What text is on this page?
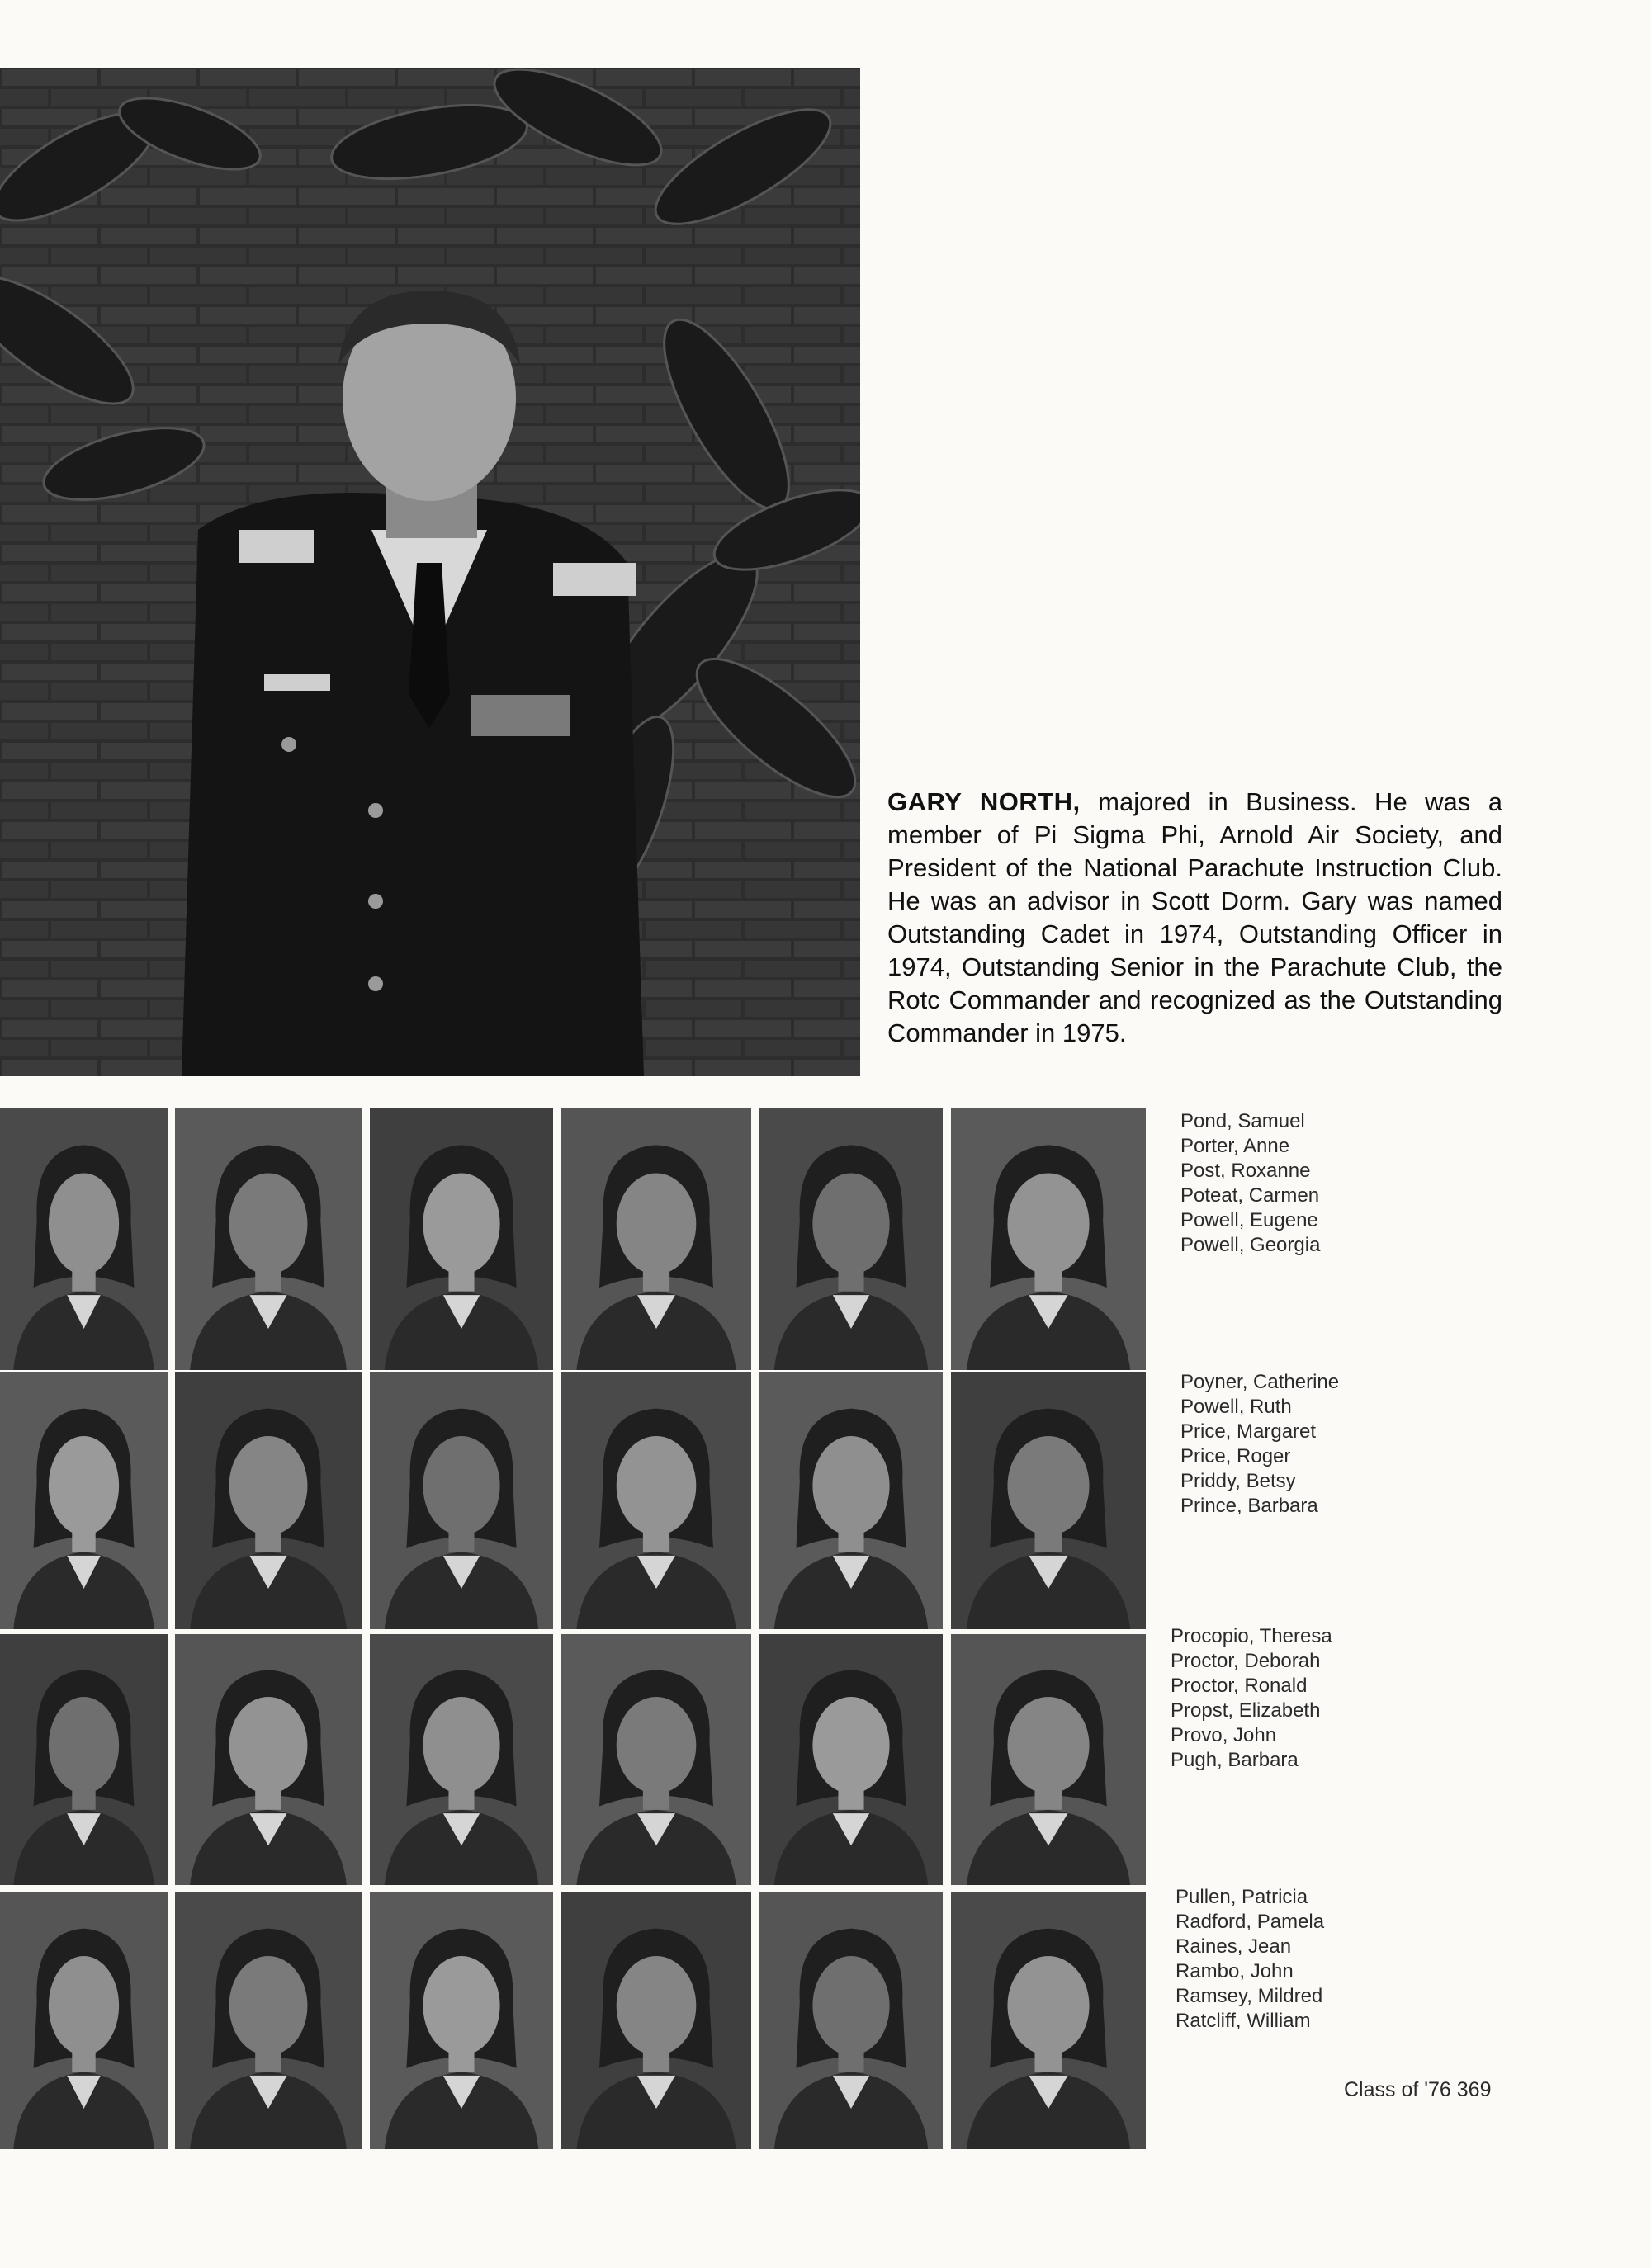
GARY NORTH, majored in Business. He was a member of Pi Sigma Phi, Arnold Air Society, and President of the National Parachute Instruction Club. He was an advisor in Scott Dorm. Gary was named Outstanding Cadet in 1974, Outstanding Officer in 1974, Outstanding Senior in the Parachute Club, the Rotc Commander and recognized as the Outstanding Commander in 1975.
Pond, Samuel
Porter, Anne
Post, Roxanne
Poteat, Carmen
Powell, Eugene
Powell, Georgia
Poyner, Catherine
Powell, Ruth
Price, Margaret
Price, Roger
Priddy, Betsy
Prince, Barbara
Procopio, Theresa
Proctor, Deborah
Proctor, Ronald
Propst, Elizabeth
Provo, John
Pugh, Barbara
Pullen, Patricia
Radford, Pamela
Raines, Jean
Rambo, John
Ramsey, Mildred
Ratcliff, William
Class of '76 369
